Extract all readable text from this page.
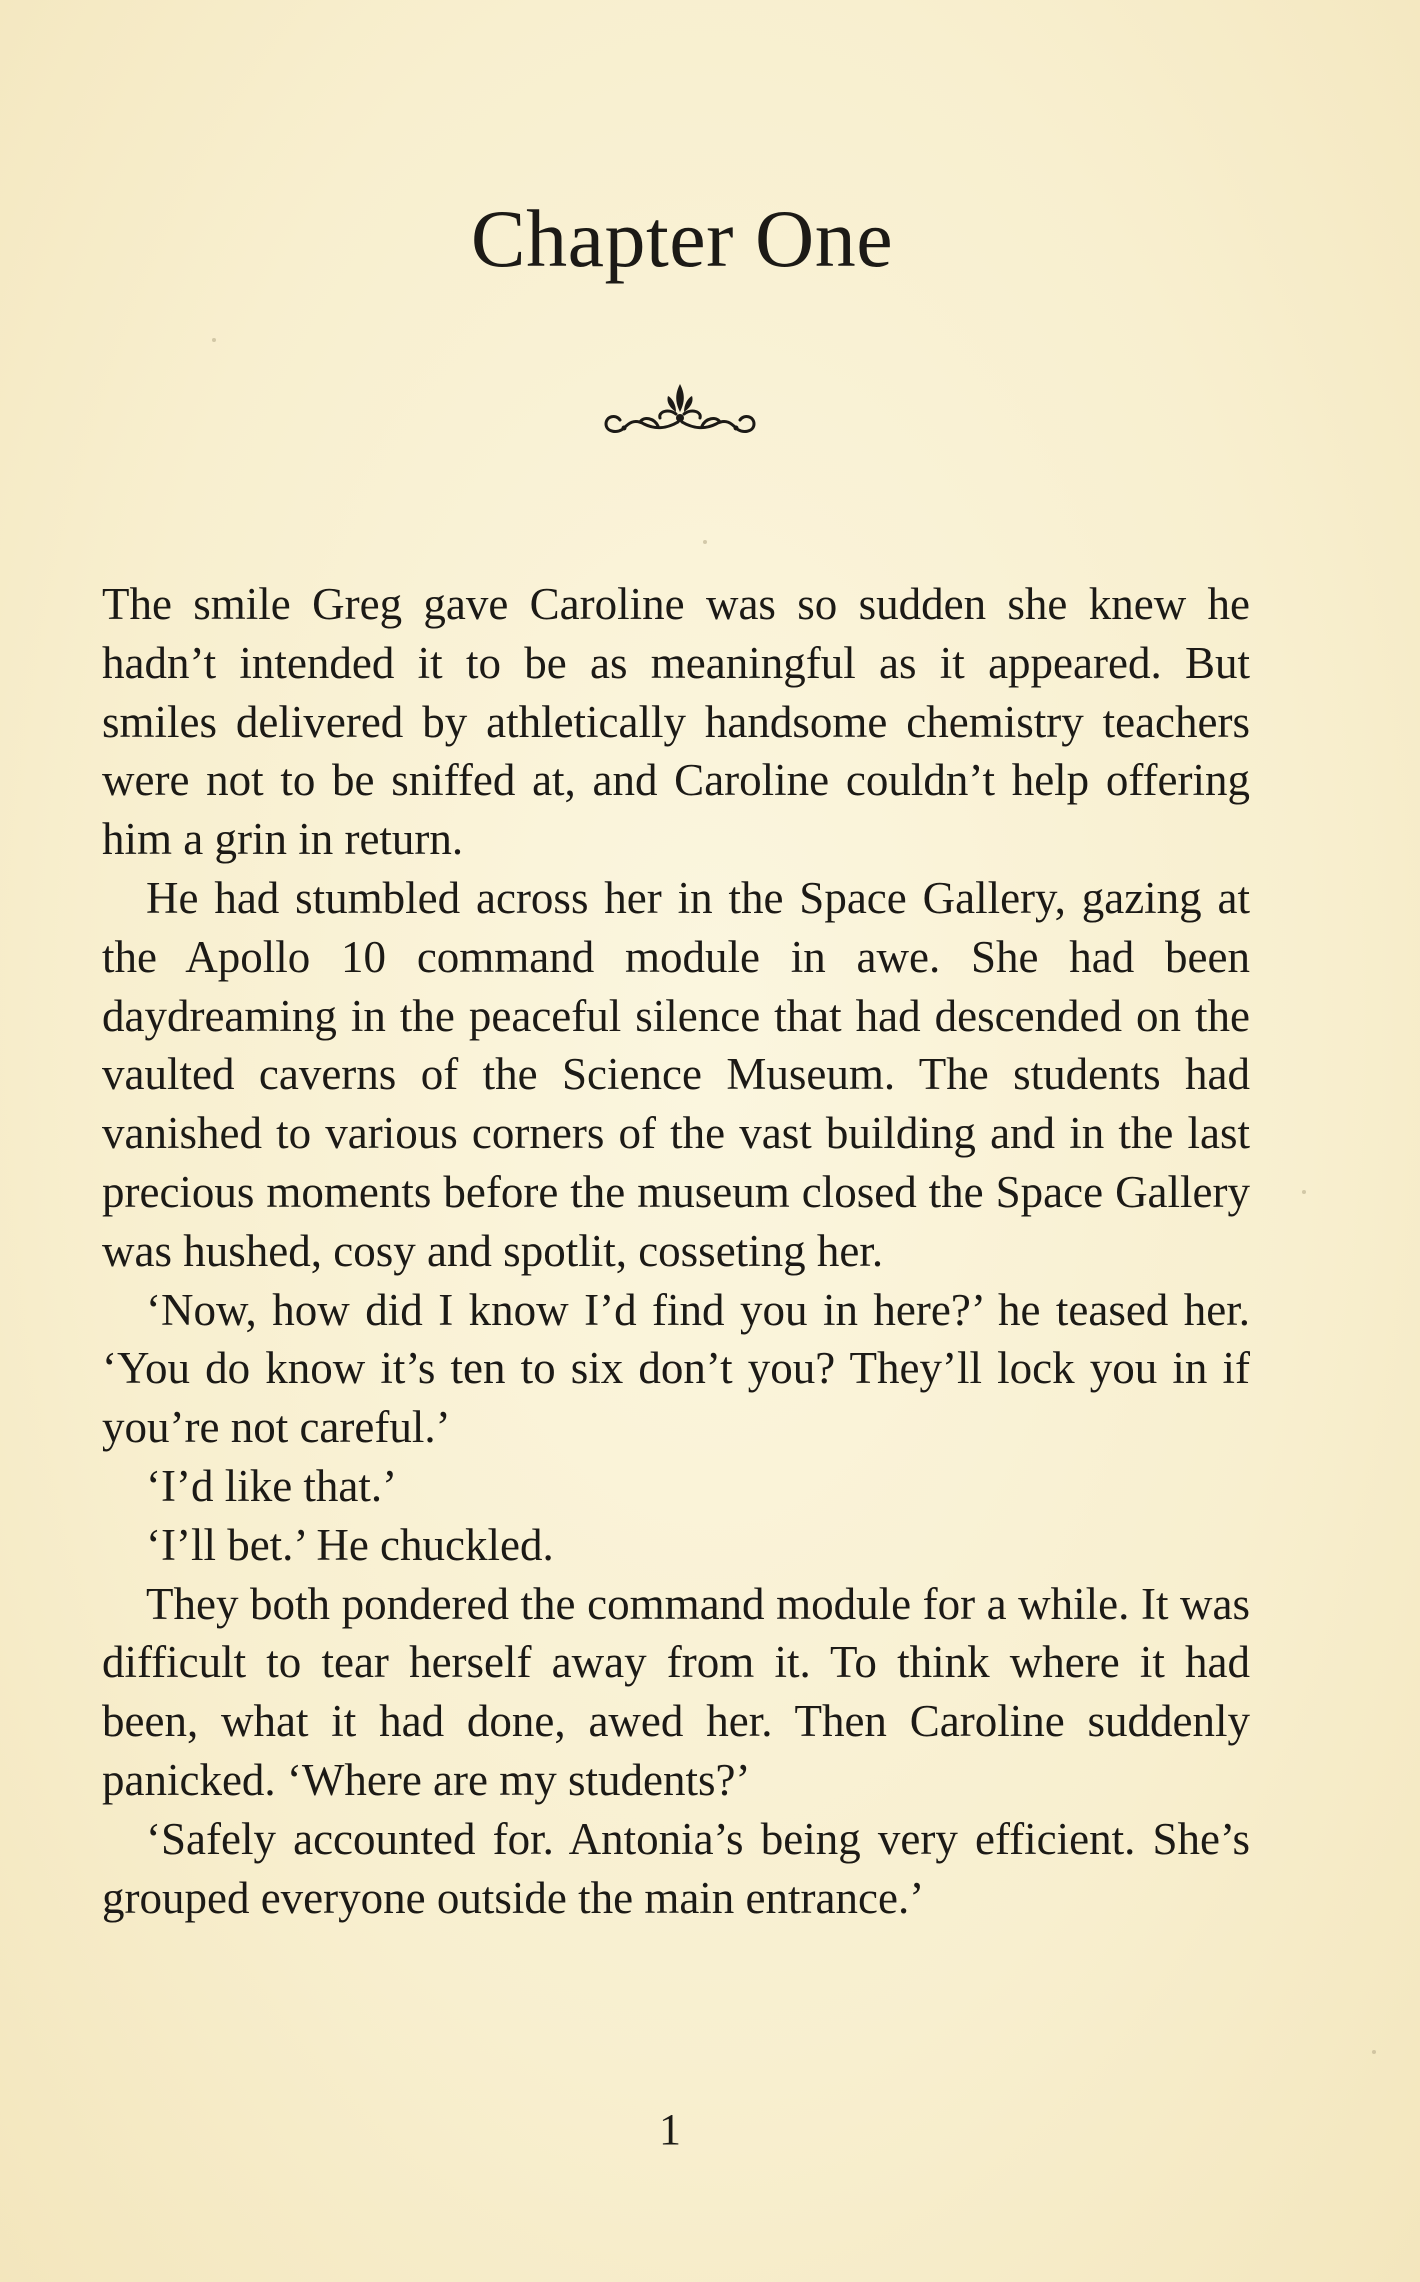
Chapter One

The smile Greg gave Caroline was so sudden she knew he hadn’t intended it to be as meaningful as it appeared. But smiles delivered by athletically handsome chemistry teachers were not to be sniffed at, and Caroline couldn’t help offering him a grin in return.

He had stumbled across her in the Space Gallery, gazing at the Apollo 10 command module in awe. She had been daydreaming in the peaceful silence that had descended on the vaulted caverns of the Science Museum. The students had vanished to various corners of the vast building and in the last precious moments before the museum closed the Space Gallery was hushed, cosy and spotlit, cosseting her.

‘Now, how did I know I’d find you in here?’ he teased her. ‘You do know it’s ten to six don’t you? They’ll lock you in if you’re not careful.’

‘I’d like that.’

‘I’ll bet.’ He chuckled.

They both pondered the command module for a while. It was difficult to tear herself away from it. To think where it had been, what it had done, awed her. Then Caroline suddenly panicked. ‘Where are my students?’

‘Safely accounted for. Antonia’s being very efficient. She’s grouped everyone outside the main entrance.’

1
